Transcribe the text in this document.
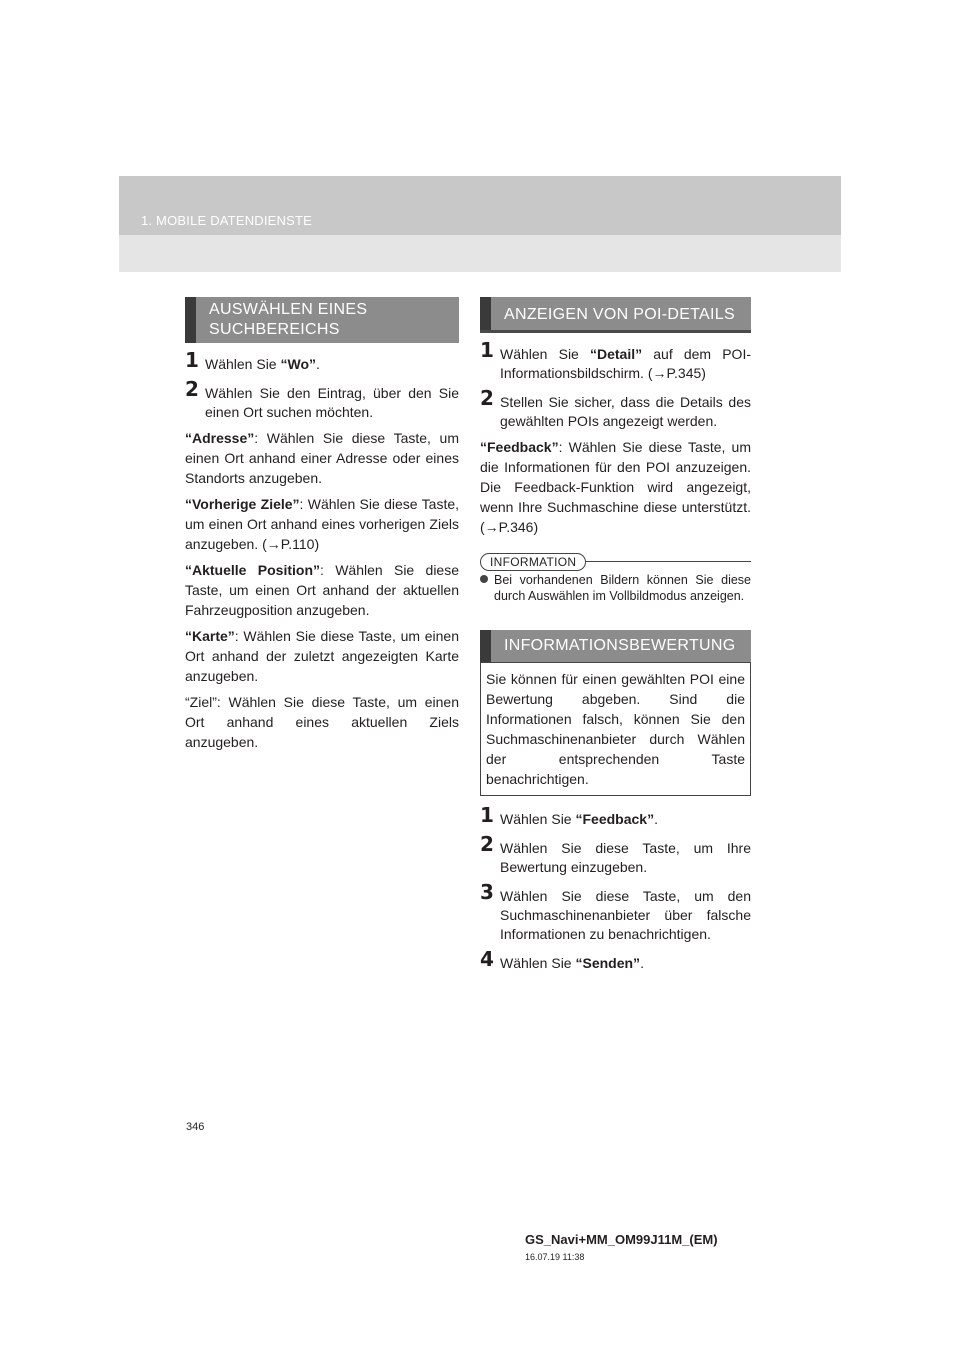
1. MOBILE DATENDIENSTE
AUSWÄHLEN EINES SUCHBEREICHS
1 Wählen Sie “Wo”.
2 Wählen Sie den Eintrag, über den Sie einen Ort suchen möchten.
“Adresse”: Wählen Sie diese Taste, um einen Ort anhand einer Adresse oder eines Standorts anzugeben.
“Vorherige Ziele”: Wählen Sie diese Taste, um einen Ort anhand eines vorherigen Ziels anzugeben. (→P.110)
“Aktuelle Position”: Wählen Sie diese Taste, um einen Ort anhand der aktuellen Fahrzeugposition anzugeben.
“Karte”: Wählen Sie diese Taste, um einen Ort anhand der zuletzt angezeigten Karte anzugeben.
“Ziel”: Wählen Sie diese Taste, um einen Ort anhand eines aktuellen Ziels anzugeben.
ANZEIGEN VON POI-DETAILS
1 Wählen Sie “Detail” auf dem POI-Informationsbildschirm. (→P.345)
2 Stellen Sie sicher, dass die Details des gewählten POIs angezeigt werden.
“Feedback”: Wählen Sie diese Taste, um die Informationen für den POI anzuzeigen. Die Feedback-Funktion wird angezeigt, wenn Ihre Suchmaschine diese unterstützt. (→P.346)
INFORMATION
Bei vorhandenen Bildern können Sie diese durch Auswählen im Vollbildmodus anzeigen.
INFORMATIONSBEWERTUNG
Sie können für einen gewählten POI eine Bewertung abgeben. Sind die Informationen falsch, können Sie den Suchmaschinenanbieter durch Wählen der entsprechenden Taste benachrichtigen.
1 Wählen Sie “Feedback”.
2 Wählen Sie diese Taste, um Ihre Bewertung einzugeben.
3 Wählen Sie diese Taste, um den Suchmaschinenanbieter über falsche Informationen zu benachrichtigen.
4 Wählen Sie “Senden”.
346
GS_Navi+MM_OM99J11M_(EM)
16.07.19 11:38
